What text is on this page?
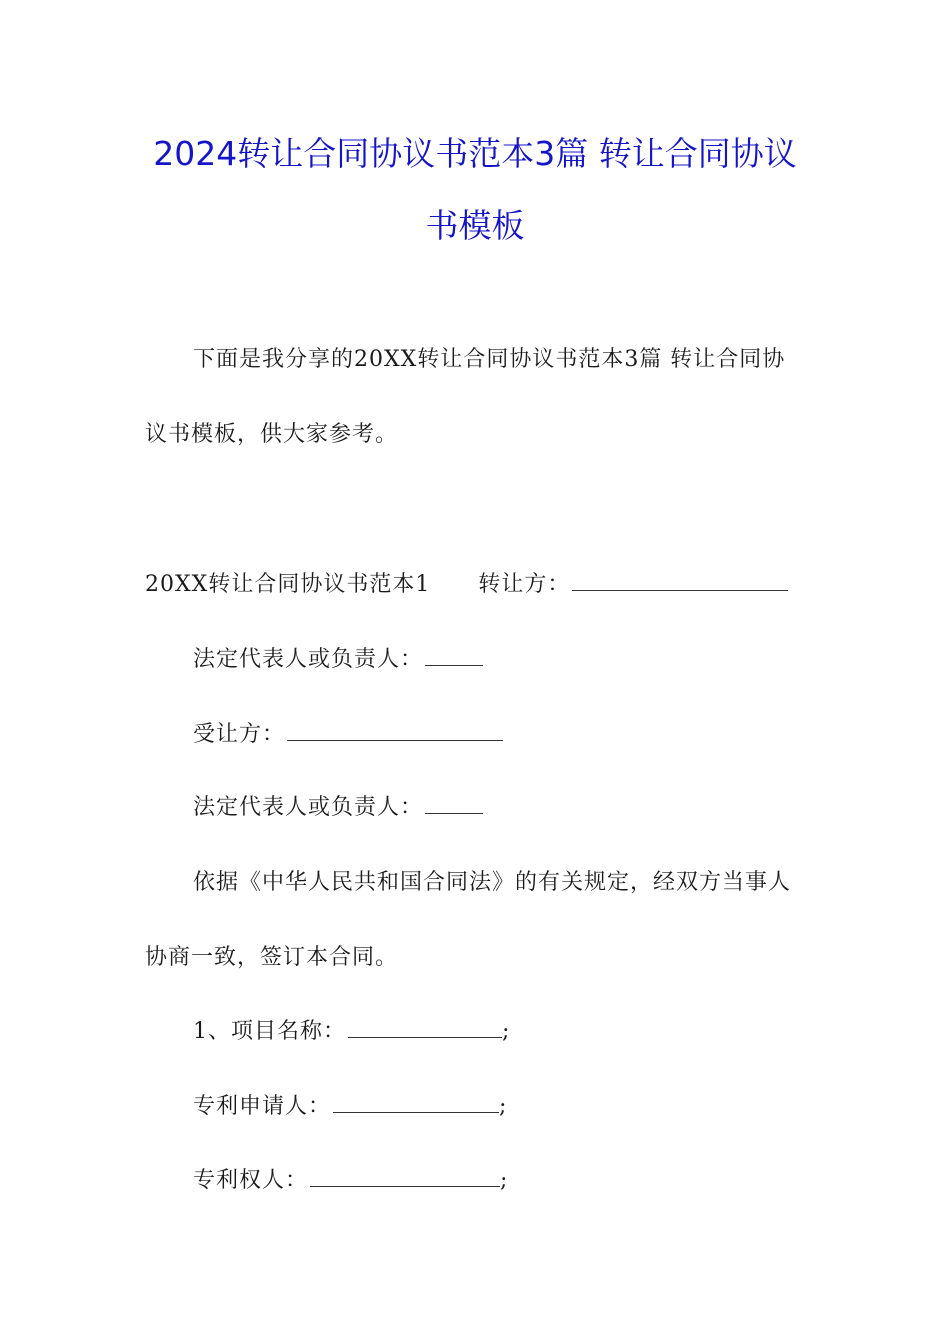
2024转让合同协议书范本3篇 转让合同协议书模板

下面是我分享的20XX转让合同协议书范本3篇 转让合同协议书模板，供大家参考。

20XX转让合同协议书范本1 转让方：
法定代表人或负责人：
受让方：
法定代表人或负责人：

依据《中华人民共和国合同法》的有关规定，经双方当事人协商一致，签订本合同。

1、项目名称：	;
专利申请人：	;
专利权人：	;
